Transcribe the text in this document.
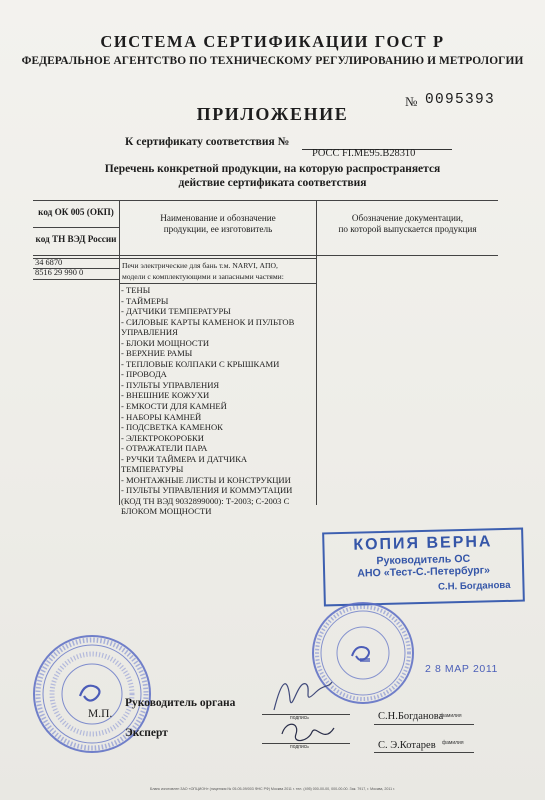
СИСТЕМА СЕРТИФИКАЦИИ ГОСТ Р
ФЕДЕРАЛЬНОЕ АГЕНТСТВО ПО ТЕХНИЧЕСКОМУ РЕГУЛИРОВАНИЮ И МЕТРОЛОГИИ
№ 0095393
ПРИЛОЖЕНИЕ
К сертификату соответствия №
РОСС FI.МЕ95.В28310
Перечень конкретной продукции, на которую распространяется
действие сертификата соответствия
код ОК 005 (ОКП)
код ТН ВЭД России
Наименование и обозначение
продукции, ее изготовитель
Обозначение документации,
по которой выпускается продукция
34 6870
8516 29 990 0
Печи электрические для бань т.м. NARVI, АПО,
модели с комплектующими и запасными частями:
- ТЕНЫ
- ТАЙМЕРЫ
- ДАТЧИКИ ТЕМПЕРАТУРЫ
- СИЛОВЫЕ КАРТЫ КАМЕНОК И ПУЛЬТОВ
УПРАВЛЕНИЯ
- БЛОКИ МОЩНОСТИ
- ВЕРХНИЕ РАМЫ
- ТЕПЛОВЫЕ КОЛПАКИ С КРЫШКАМИ
- ПРОВОДА
- ПУЛЬТЫ УПРАВЛЕНИЯ
- ВНЕШНИЕ КОЖУХИ
- ЕМКОСТИ ДЛЯ КАМНЕЙ
- НАБОРЫ КАМНЕЙ
- ПОДСВЕТКА КАМЕНОК
- ЭЛЕКТРОКОРОБКИ
- ОТРАЖАТЕЛИ ПАРА
- РУЧКИ ТАЙМЕРА И ДАТЧИКА
ТЕМПЕРАТУРЫ
- МОНТАЖНЫЕ ЛИСТЫ И КОНСТРУКЦИИ
- ПУЛЬТЫ УПРАВЛЕНИЯ И КОММУТАЦИИ
(КОД ТН ВЭД 9032899000): Т-2003; С-2003 С
БЛОКОМ МОЩНОСТИ
КОПИЯ ВЕРНА
Руководитель ОС
АНО «Тест-С.-Петербург»
С.Н. Богданова
2 8 МАР 2011
Руководитель органа
М.П.
Эксперт
подпись
подпись
С.Н.Богданова
фамилия
С. Э.Котарев фамилия
Бланк изготовлен ЗАО «ОПЦИОН» (лицензия № 05-05-09/003 ФНС РФ) Москва 2011 г. тел. (495) 000-00-00, 000-00-00. Зак. 7917, г. Москва, 2011 г.
